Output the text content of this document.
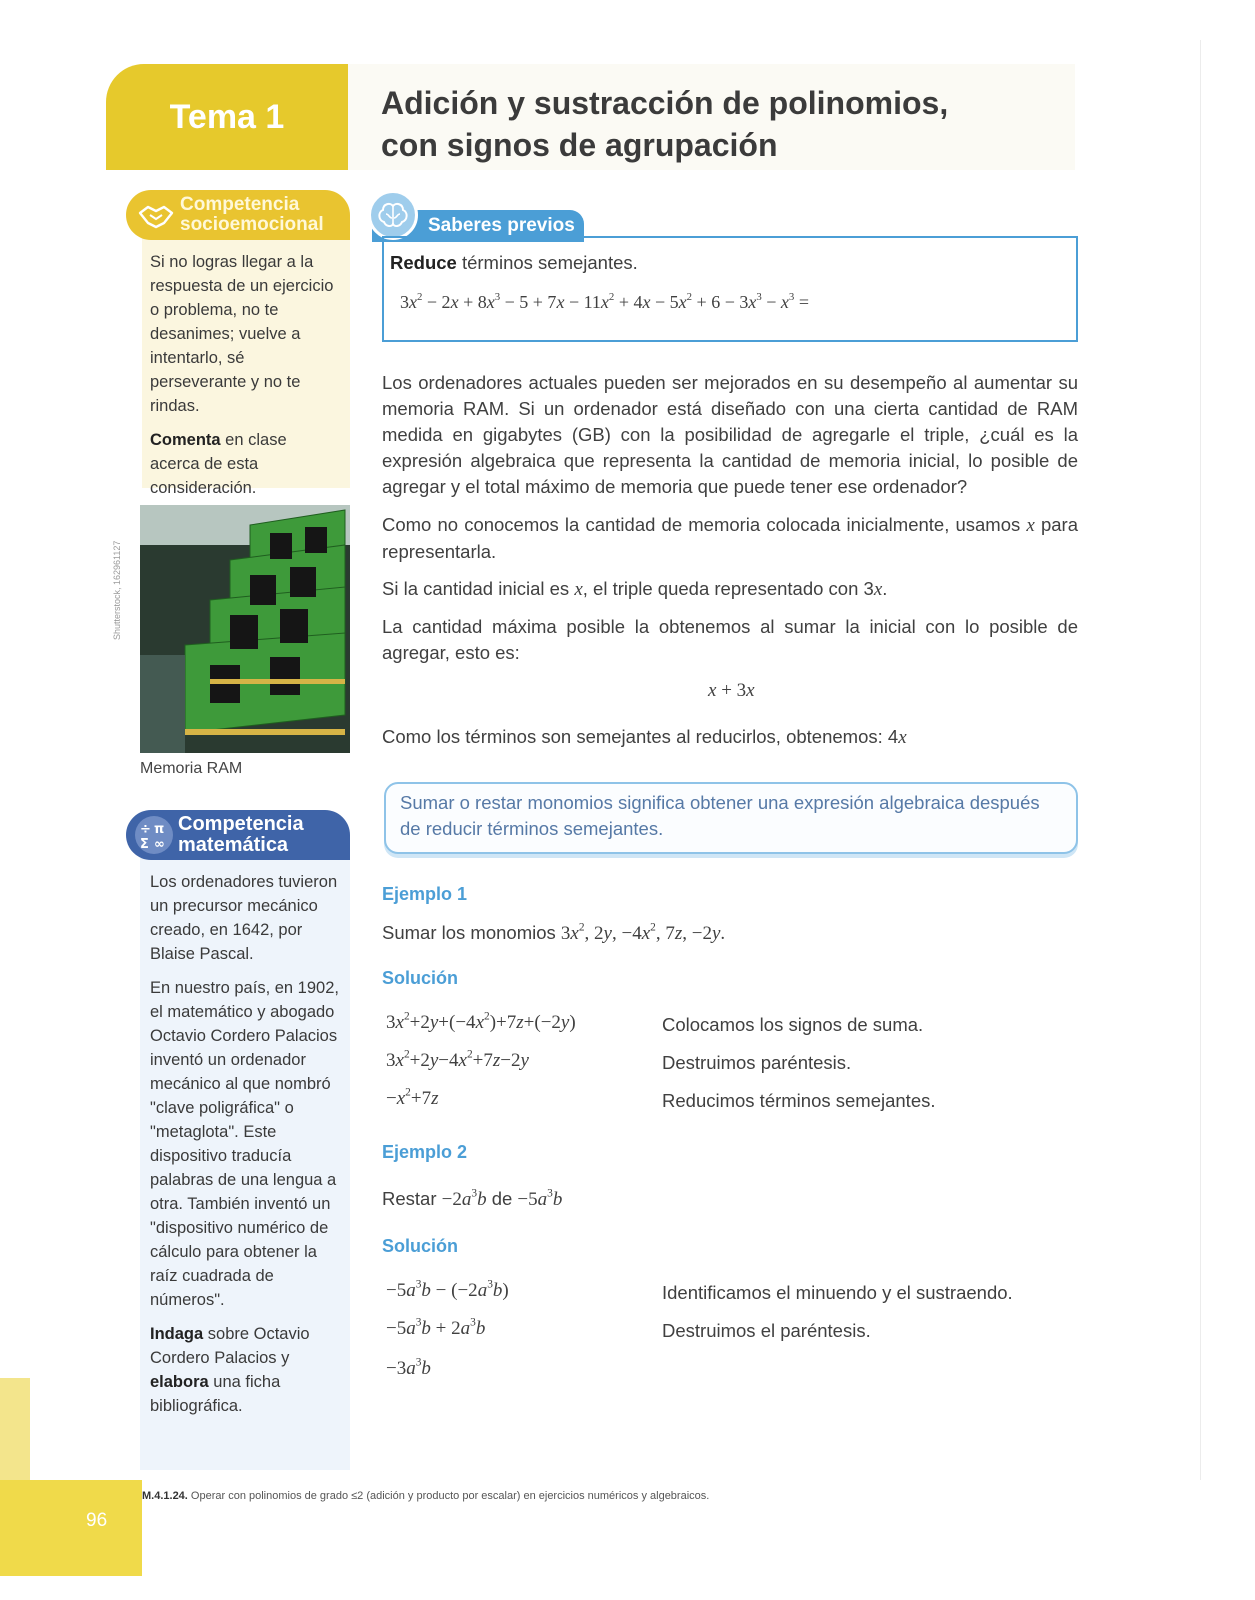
Tema 1	Adición y sustracción de polinomios,
con signos de agrupación
Competencia
socioemocional

Si no logras llegar a la respuesta de un ejercicio o problema, no te desanimes; vuelve a intentarlo, sé perseverante y no te rindas.

Comenta en clase acerca de esta consideración.

Shutterstock, 162961127
Memoria RAM
÷ π
Σ ∞
Competencia
matemática

Los ordenadores tuvieron un precursor mecánico creado, en 1642, por Blaise Pascal.

En nuestro país, en 1902, el matemático y abogado Octavio Cordero Palacios inventó un ordenador mecánico al que nombró "clave poligráfica" o "metaglota". Este dispositivo traducía palabras de una lengua a otra. También inventó un "dispositivo numérico de cálculo para obtener la raíz cuadrada de números".

Indaga sobre Octavio Cordero Palacios y elabora una ficha bibliográfica.

Saberes previos
Reduce términos semejantes.
$3x^2 - 2x + 8x^3 - 5 + 7x - 11x^2 + 4x - 5x^2 + 6 - 3x^3 - x^3$ =
Los ordenadores actuales pueden ser mejorados en su desempeño al aumentar su memoria RAM. Si un ordenador está diseñado con una cierta cantidad de RAM medida en gigabytes (GB) con la posibilidad de agregarle el triple, ¿cuál es la expresión algebraica que representa la cantidad de memoria inicial, lo posible de agregar y el total máximo de memoria que puede tener ese ordenador?
Como no conocemos la cantidad de memoria colocada inicialmente, usamos x para representarla.
Si la cantidad inicial es x, el triple queda representado con 3x.
La cantidad máxima posible la obtenemos al sumar la inicial con lo posible de agregar, esto es:
x + 3x
Como los términos son semejantes al reducirlos, obtenemos: 4x
Sumar o restar monomios significa obtener una expresión algebraica después de reducir términos semejantes.
Ejemplo 1
Sumar los monomios $3x^2$, 2y, $-4x^2$, 7z, −2y.
Solución
$3x^2+2y+(-4x^2)+7z+(-2y)$
$3x^2+2y-4x^2+7z-2y$
$-x^2+7z$
Colocamos los signos de suma.
Destruimos paréntesis.
Reducimos términos semejantes.
Ejemplo 2
Restar $-2a^3b$ de $-5a^3b$
Solución
$-5a^3b - (-2a^3b)$
$-5a^3b + 2a^3b$
$-3a^3b$
Identificamos el minuendo y el sustraendo.
Destruimos el paréntesis.
96
M.4.1.24. Operar con polinomios de grado ≤2 (adición y producto por escalar) en ejercicios numéricos y algebraicos.
